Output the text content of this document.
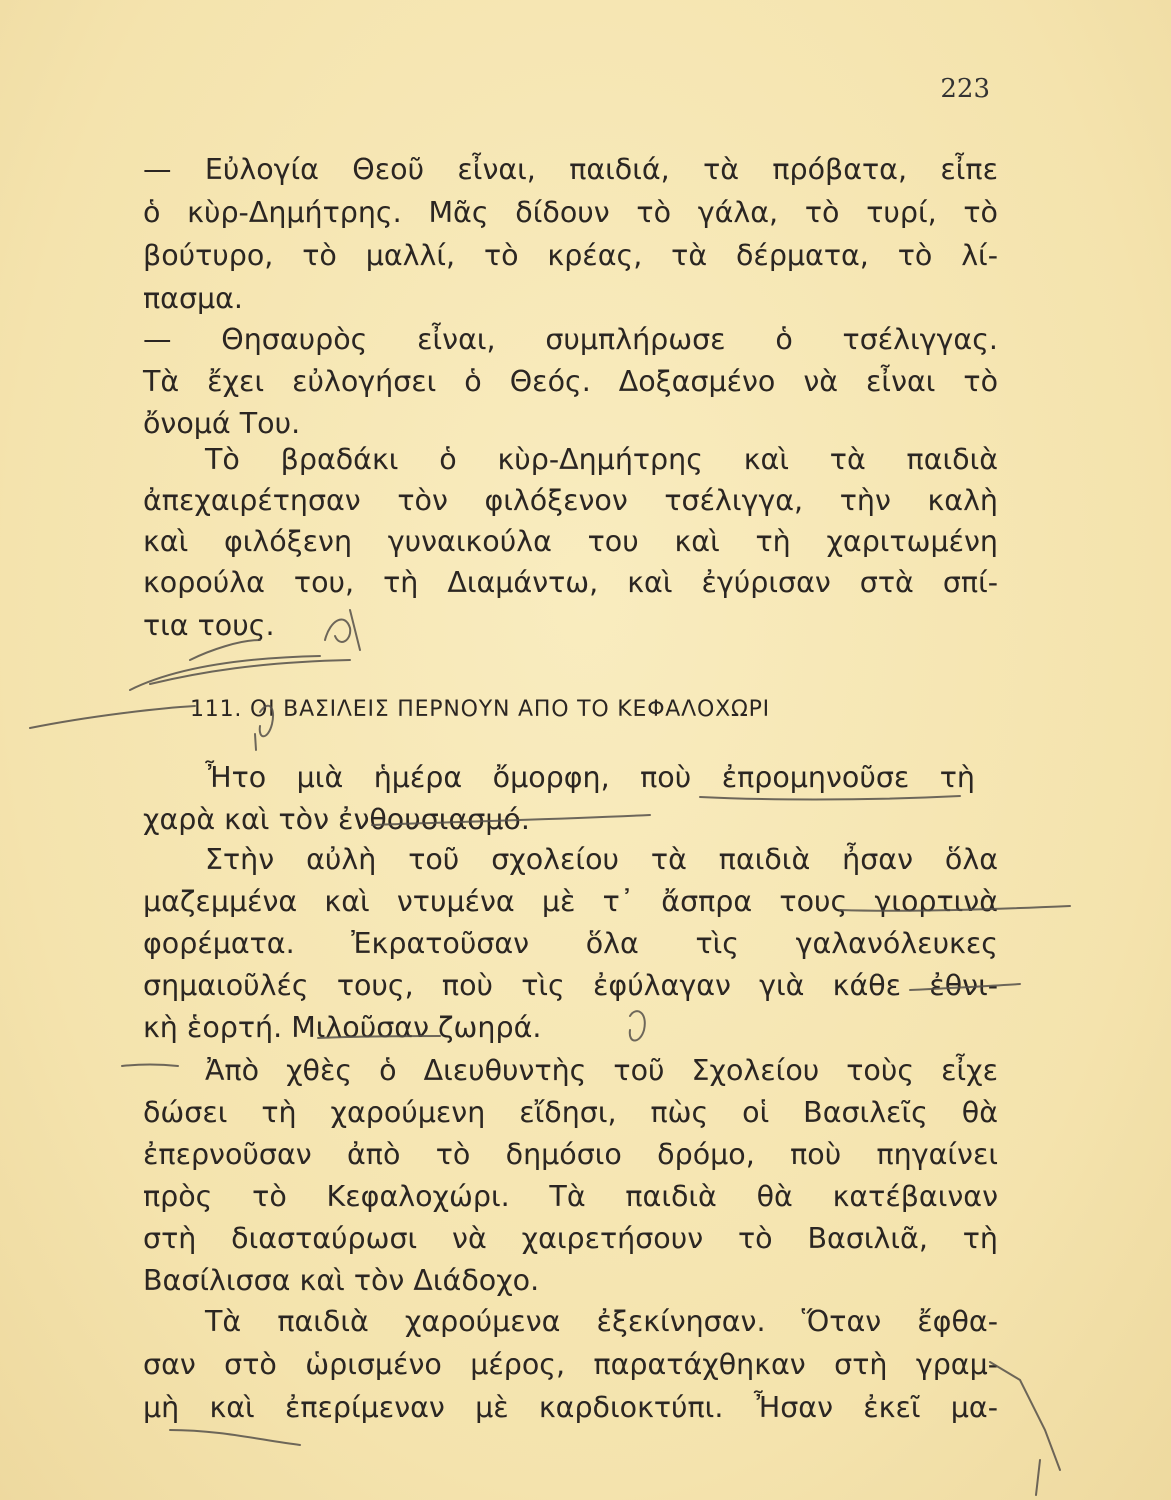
223
— Εὐλογία Θεοῦ εἶναι, παιδιά, τὰ πρόβατα, εἶπε
ὁ κὺρ-Δημήτρης. Μᾶς δίδουν τὸ γάλα, τὸ τυρί, τὸ
βούτυρο, τὸ μαλλί, τὸ κρέας, τὰ δέρματα, τὸ λί-
πασμα.
— Θησαυρὸς εἶναι, συμπλήρωσε ὁ τσέλιγγας.
Τὰ ἔχει εὐλογήσει ὁ Θεός. Δοξασμένο νὰ εἶναι τὸ
ὄνομά Του.
Τὸ βραδάκι ὁ κὺρ-Δημήτρης καὶ τὰ παιδιὰ
ἀπεχαιρέτησαν τὸν φιλόξενον τσέλιγγα, τὴν καλὴ
καὶ φιλόξενη γυναικούλα του καὶ τὴ χαριτωμένη
κορούλα του, τὴ Διαμάντω, καὶ ἐγύρισαν στὰ σπί-
τια τους.
111. ΟΙ ΒΑΣΙΛΕΙΣ ΠΕΡΝΟΥΝ ΑΠΟ ΤΟ ΚΕΦΑΛΟΧΩΡΙ
Ἦτο μιὰ ἡμέρα ὄμορφη, ποὺ ἐπρομηνοῦσε τὴ
χαρὰ καὶ τὸν ἐνθουσιασμό.
Στὴν αὐλὴ τοῦ σχολείου τὰ παιδιὰ ἦσαν ὅλα
μαζεμμένα καὶ ντυμένα μὲ τ᾿ ἄσπρα τους γιορτινὰ
φορέματα. Ἐκρατοῦσαν ὅλα τὶς γαλανόλευκες
σημαιοῦλές τους, ποὺ τὶς ἐφύλαγαν γιὰ κάθε ἐθνι-
κὴ ἑορτή. Μιλοῦσαν ζωηρά.
Ἀπὸ χθὲς ὁ Διευθυντὴς τοῦ Σχολείου τοὺς εἶχε
δώσει τὴ χαρούμενη εἴδησι, πὼς οἱ Βασιλεῖς θὰ
ἐπερνοῦσαν ἀπὸ τὸ δημόσιο δρόμο, ποὺ πηγαίνει
πρὸς τὸ Κεφαλοχώρι. Τὰ παιδιὰ θὰ κατέβαιναν
στὴ διασταύρωσι νὰ χαιρετήσουν τὸ Βασιλιᾶ, τὴ
Βασίλισσα καὶ τὸν Διάδοχο.
Τὰ παιδιὰ χαρούμενα ἐξεκίνησαν. Ὅταν ἔφθα-
σαν στὸ ὡρισμένο μέρος, παρατάχθηκαν στὴ γραμ-
μὴ καὶ ἐπερίμεναν μὲ καρδιοκτύπι. Ἦσαν ἐκεῖ μα-
